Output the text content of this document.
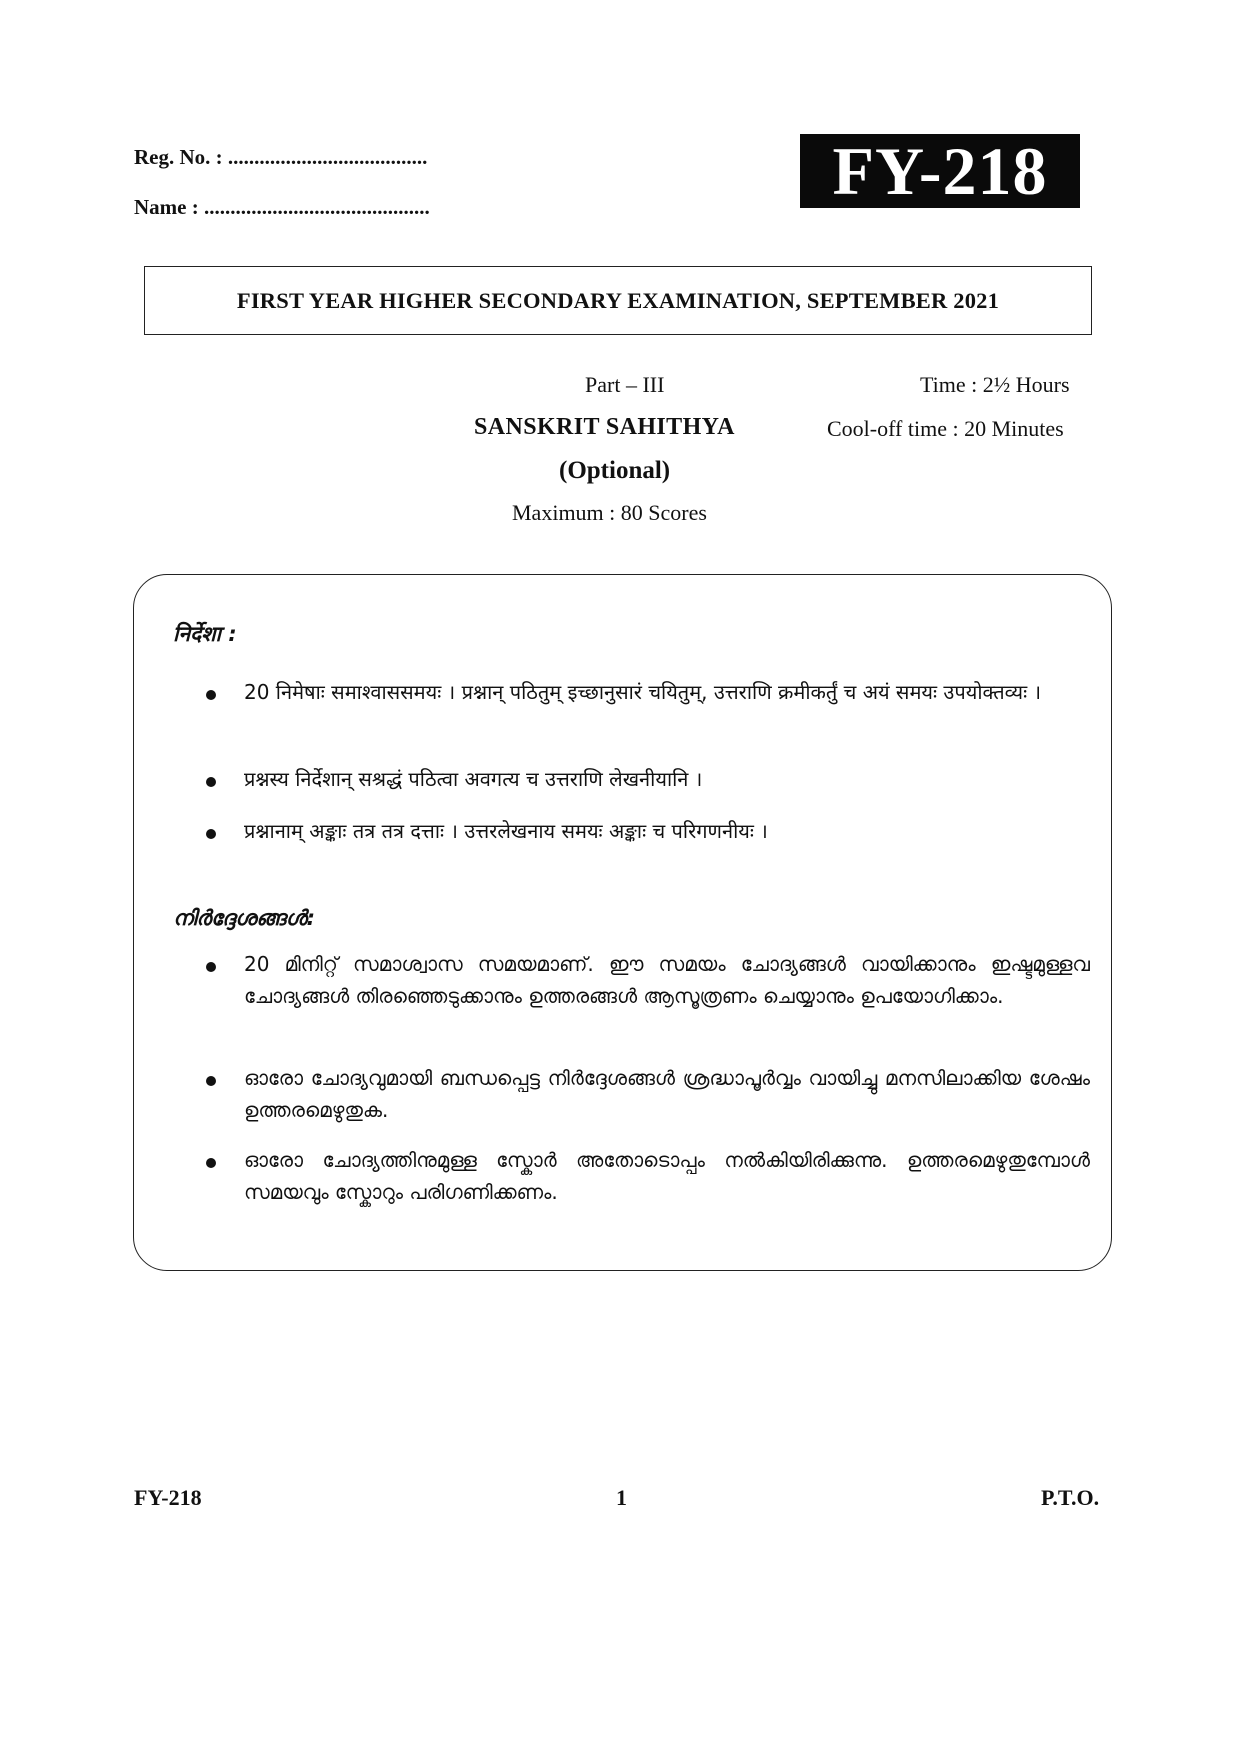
Reg. No. : ......................................
Name : ...........................................	FY-218
FIRST YEAR HIGHER SECONDARY EXAMINATION, SEPTEMBER 2021
Part – III	Time : 2½ Hours
SANSKRIT SAHITHYA	Cool-off time : 20 Minutes
(Optional)
Maximum : 80 Scores
निर्देशा :
20 निमेषाः समाश्वाससमयः । प्रश्नान् पठितुम् इच्छानुसारं चयितुम्, उत्तराणि क्रमीकर्तुं च अयं समयः उपयोक्तव्यः ।
प्रश्नस्य निर्देशान् सश्रद्धं पठित्वा अवगत्य च उत्तराणि लेखनीयानि ।
प्रश्नानाम् अङ्काः तत्र तत्र दत्ताः । उत्तरलेखनाय समयः अङ्काः च परिगणनीयः ।
നിർദ്ദേശങ്ങൾ:
20 മിനിറ്റ് സമാശ്വാസ സമയമാണ്. ഈ സമയം ചോദ്യങ്ങൾ വായിക്കാനും ഇഷ്ടമുള്ളവ ചോദ്യങ്ങൾ തിരഞ്ഞെടുക്കാനും ഉത്തരങ്ങൾ ആസൂത്രണം ചെയ്യാനും ഉപയോഗിക്കാം.
ഓരോ ചോദ്യവുമായി ബന്ധപ്പെട്ട നിർദ്ദേശങ്ങൾ ശ്രദ്ധാപൂർവ്വം വായിച്ചു മനസിലാക്കിയ ശേഷം ഉത്തരമെഴുതുക.
ഓരോ ചോദ്യത്തിനുമുള്ള സ്കോർ അതോടൊപ്പം നൽകിയിരിക്കുന്നു. ഉത്തരമെഴുതുമ്പോൾ സമയവും സ്കോറും പരിഗണിക്കണം.
FY-218	1	P.T.O.
